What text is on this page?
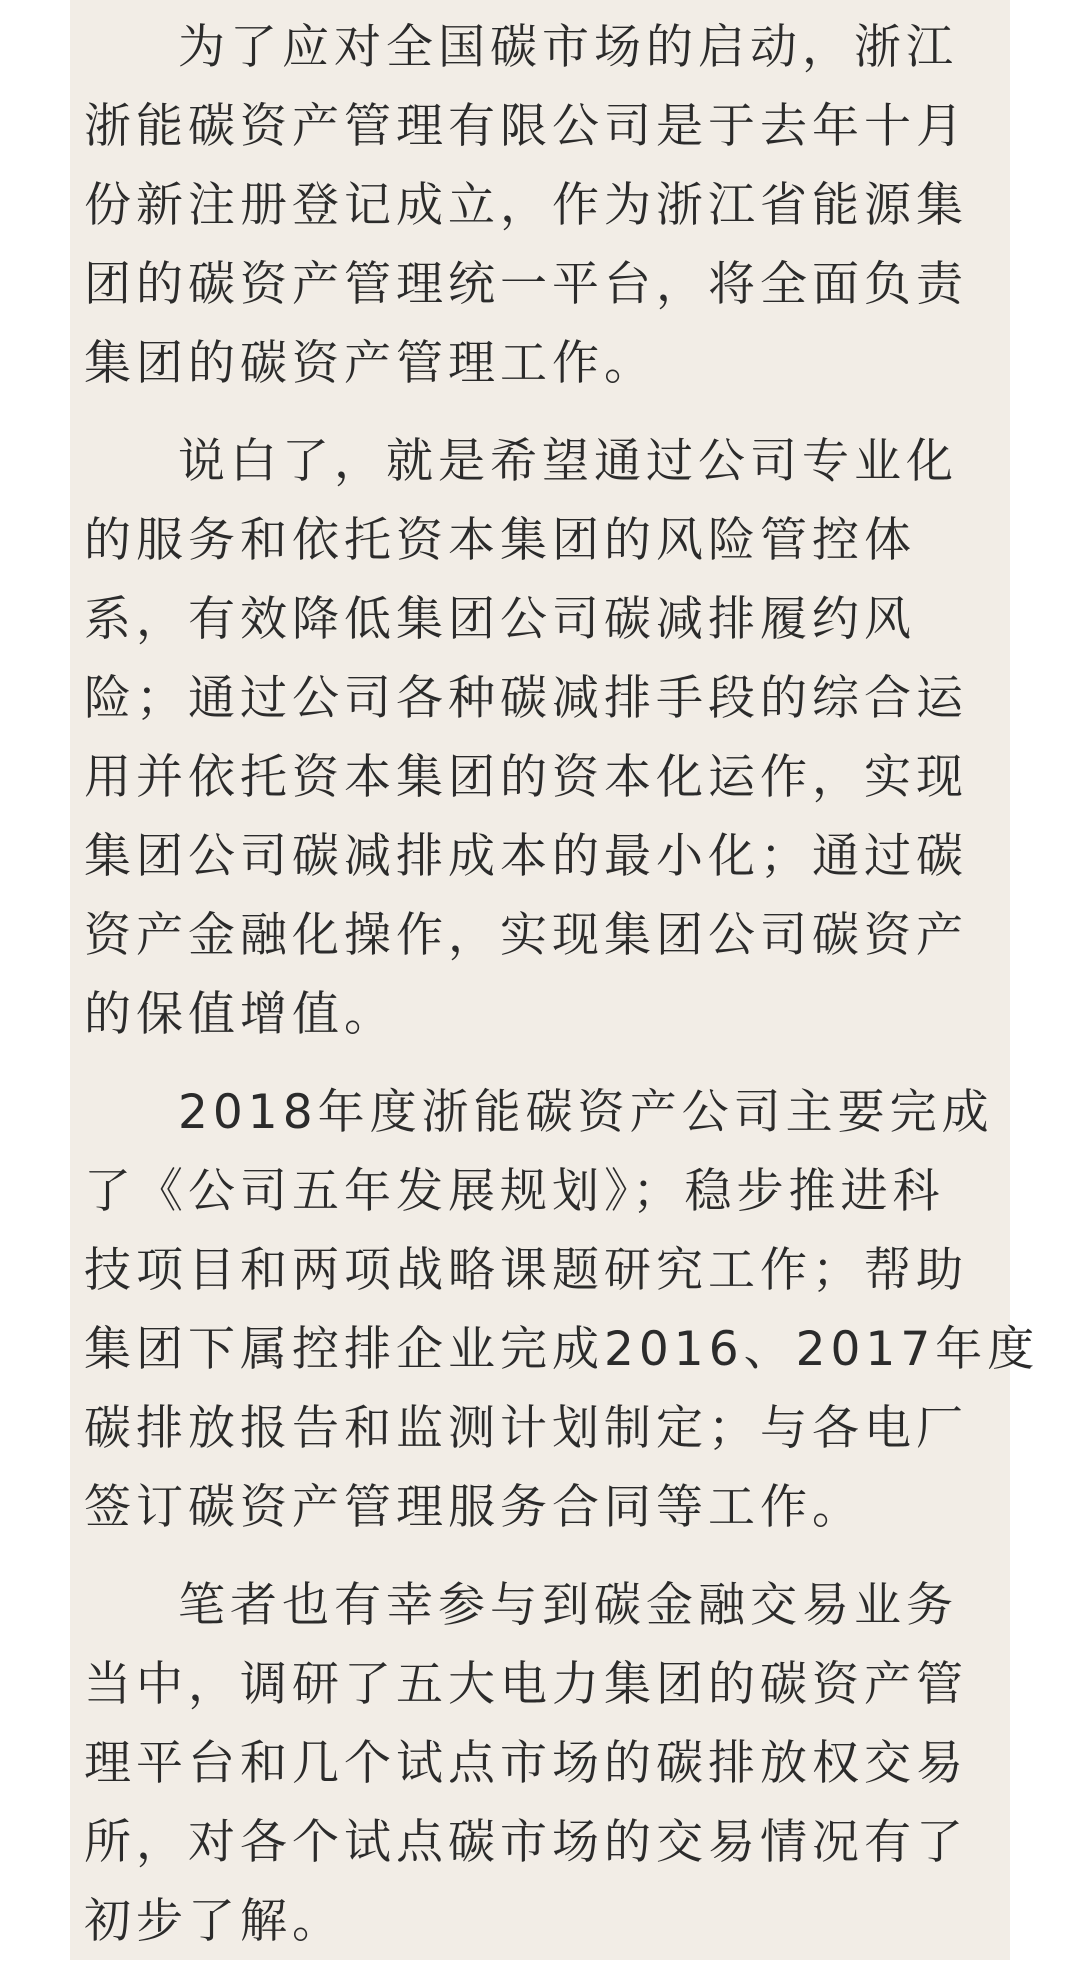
为了应对全国碳市场的启动，浙江
浙能碳资产管理有限公司是于去年十月
份新注册登记成立，作为浙江省能源集
团的碳资产管理统一平台，将全面负责
集团的碳资产管理工作。

说白了，就是希望通过公司专业化
的服务和依托资本集团的风险管控体
系，有效降低集团公司碳减排履约风
险；通过公司各种碳减排手段的综合运
用并依托资本集团的资本化运作，实现
集团公司碳减排成本的最小化；通过碳
资产金融化操作，实现集团公司碳资产
的保值增值。

2018年度浙能碳资产公司主要完成
了《公司五年发展规划》；稳步推进科
技项目和两项战略课题研究工作；帮助
集团下属控排企业完成2016、2017年度
碳排放报告和监测计划制定；与各电厂
签订碳资产管理服务合同等工作。

笔者也有幸参与到碳金融交易业务
当中，调研了五大电力集团的碳资产管
理平台和几个试点市场的碳排放权交易
所，对各个试点碳市场的交易情况有了
初步了解。
